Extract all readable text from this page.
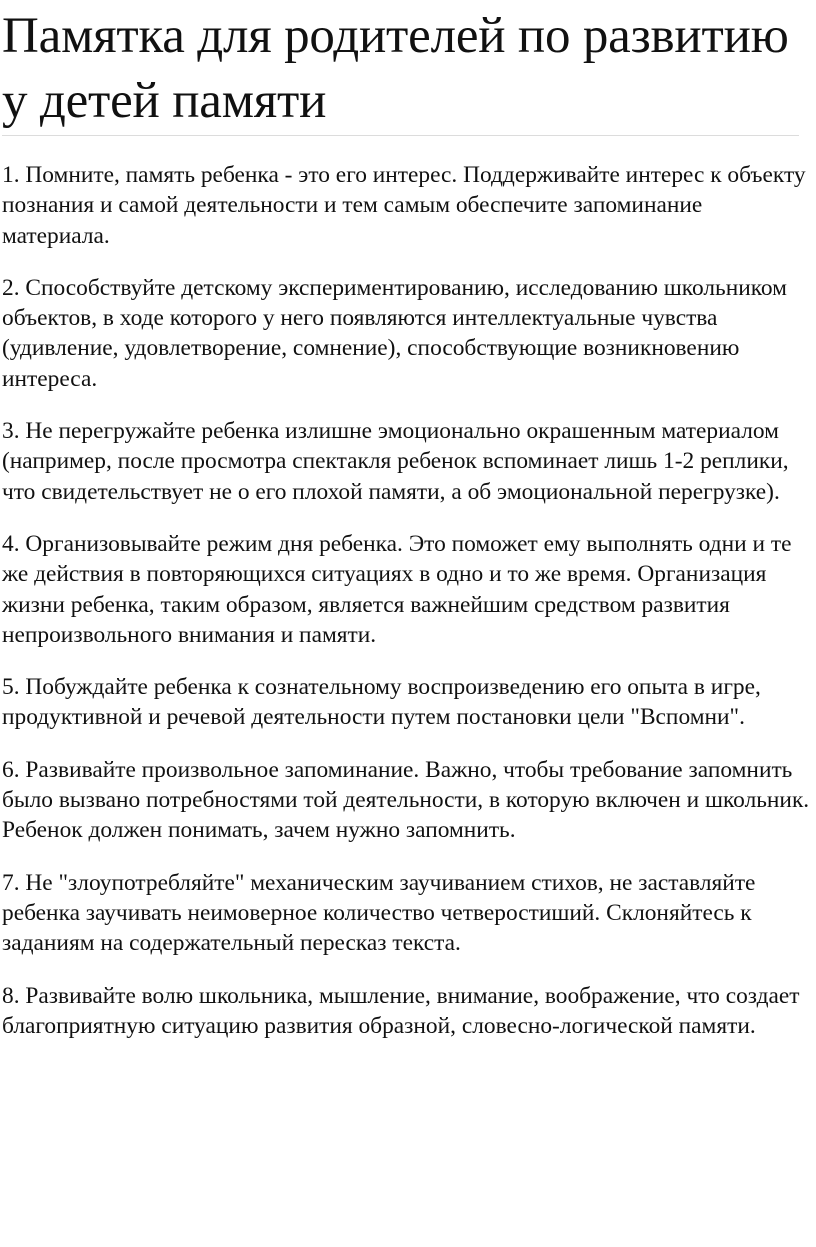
Памятка для родителей по развитию у детей памяти

1. Помните, память ребенка - это его интерес. Поддерживайте интерес к объекту познания и самой деятельности и тем самым обеспечите запоминание материала.

2. Способствуйте детскому экспериментированию, исследованию школьником объектов, в ходе которого у него появляются интеллектуальные чувства (удивление, удовлетворение, сомнение), способствующие возникновению интереса.

3. Не перегружайте ребенка излишне эмоционально окрашенным материалом (например, после просмотра спектакля ребенок вспоминает лишь 1-2 реплики, что свидетельствует не о его плохой памяти, а об эмоциональной перегрузке).

4. Организовывайте режим дня ребенка. Это поможет ему выполнять одни и те же действия в повторяющихся ситуациях в одно и то же время. Организация жизни ребенка, таким образом, является важнейшим средством развития непроизвольного внимания и памяти.

5. Побуждайте ребенка к сознательному воспроизведению его опыта в игре, продуктивной и речевой деятельности путем постановки цели "Вспомни".

6. Развивайте произвольное запоминание. Важно, чтобы требование запомнить было вызвано потребностями той деятельности, в которую включен и школьник. Ребенок должен понимать, зачем нужно запомнить.

7. Не "злоупотребляйте" механическим заучиванием стихов, не заставляйте ребенка заучивать неимоверное количество четверостиший. Склоняйтесь к заданиям на содержательный пересказ текста.

8. Развивайте волю школьника, мышление, внимание, воображение, что создает благоприятную ситуацию развития образной, словесно-логической памяти.
